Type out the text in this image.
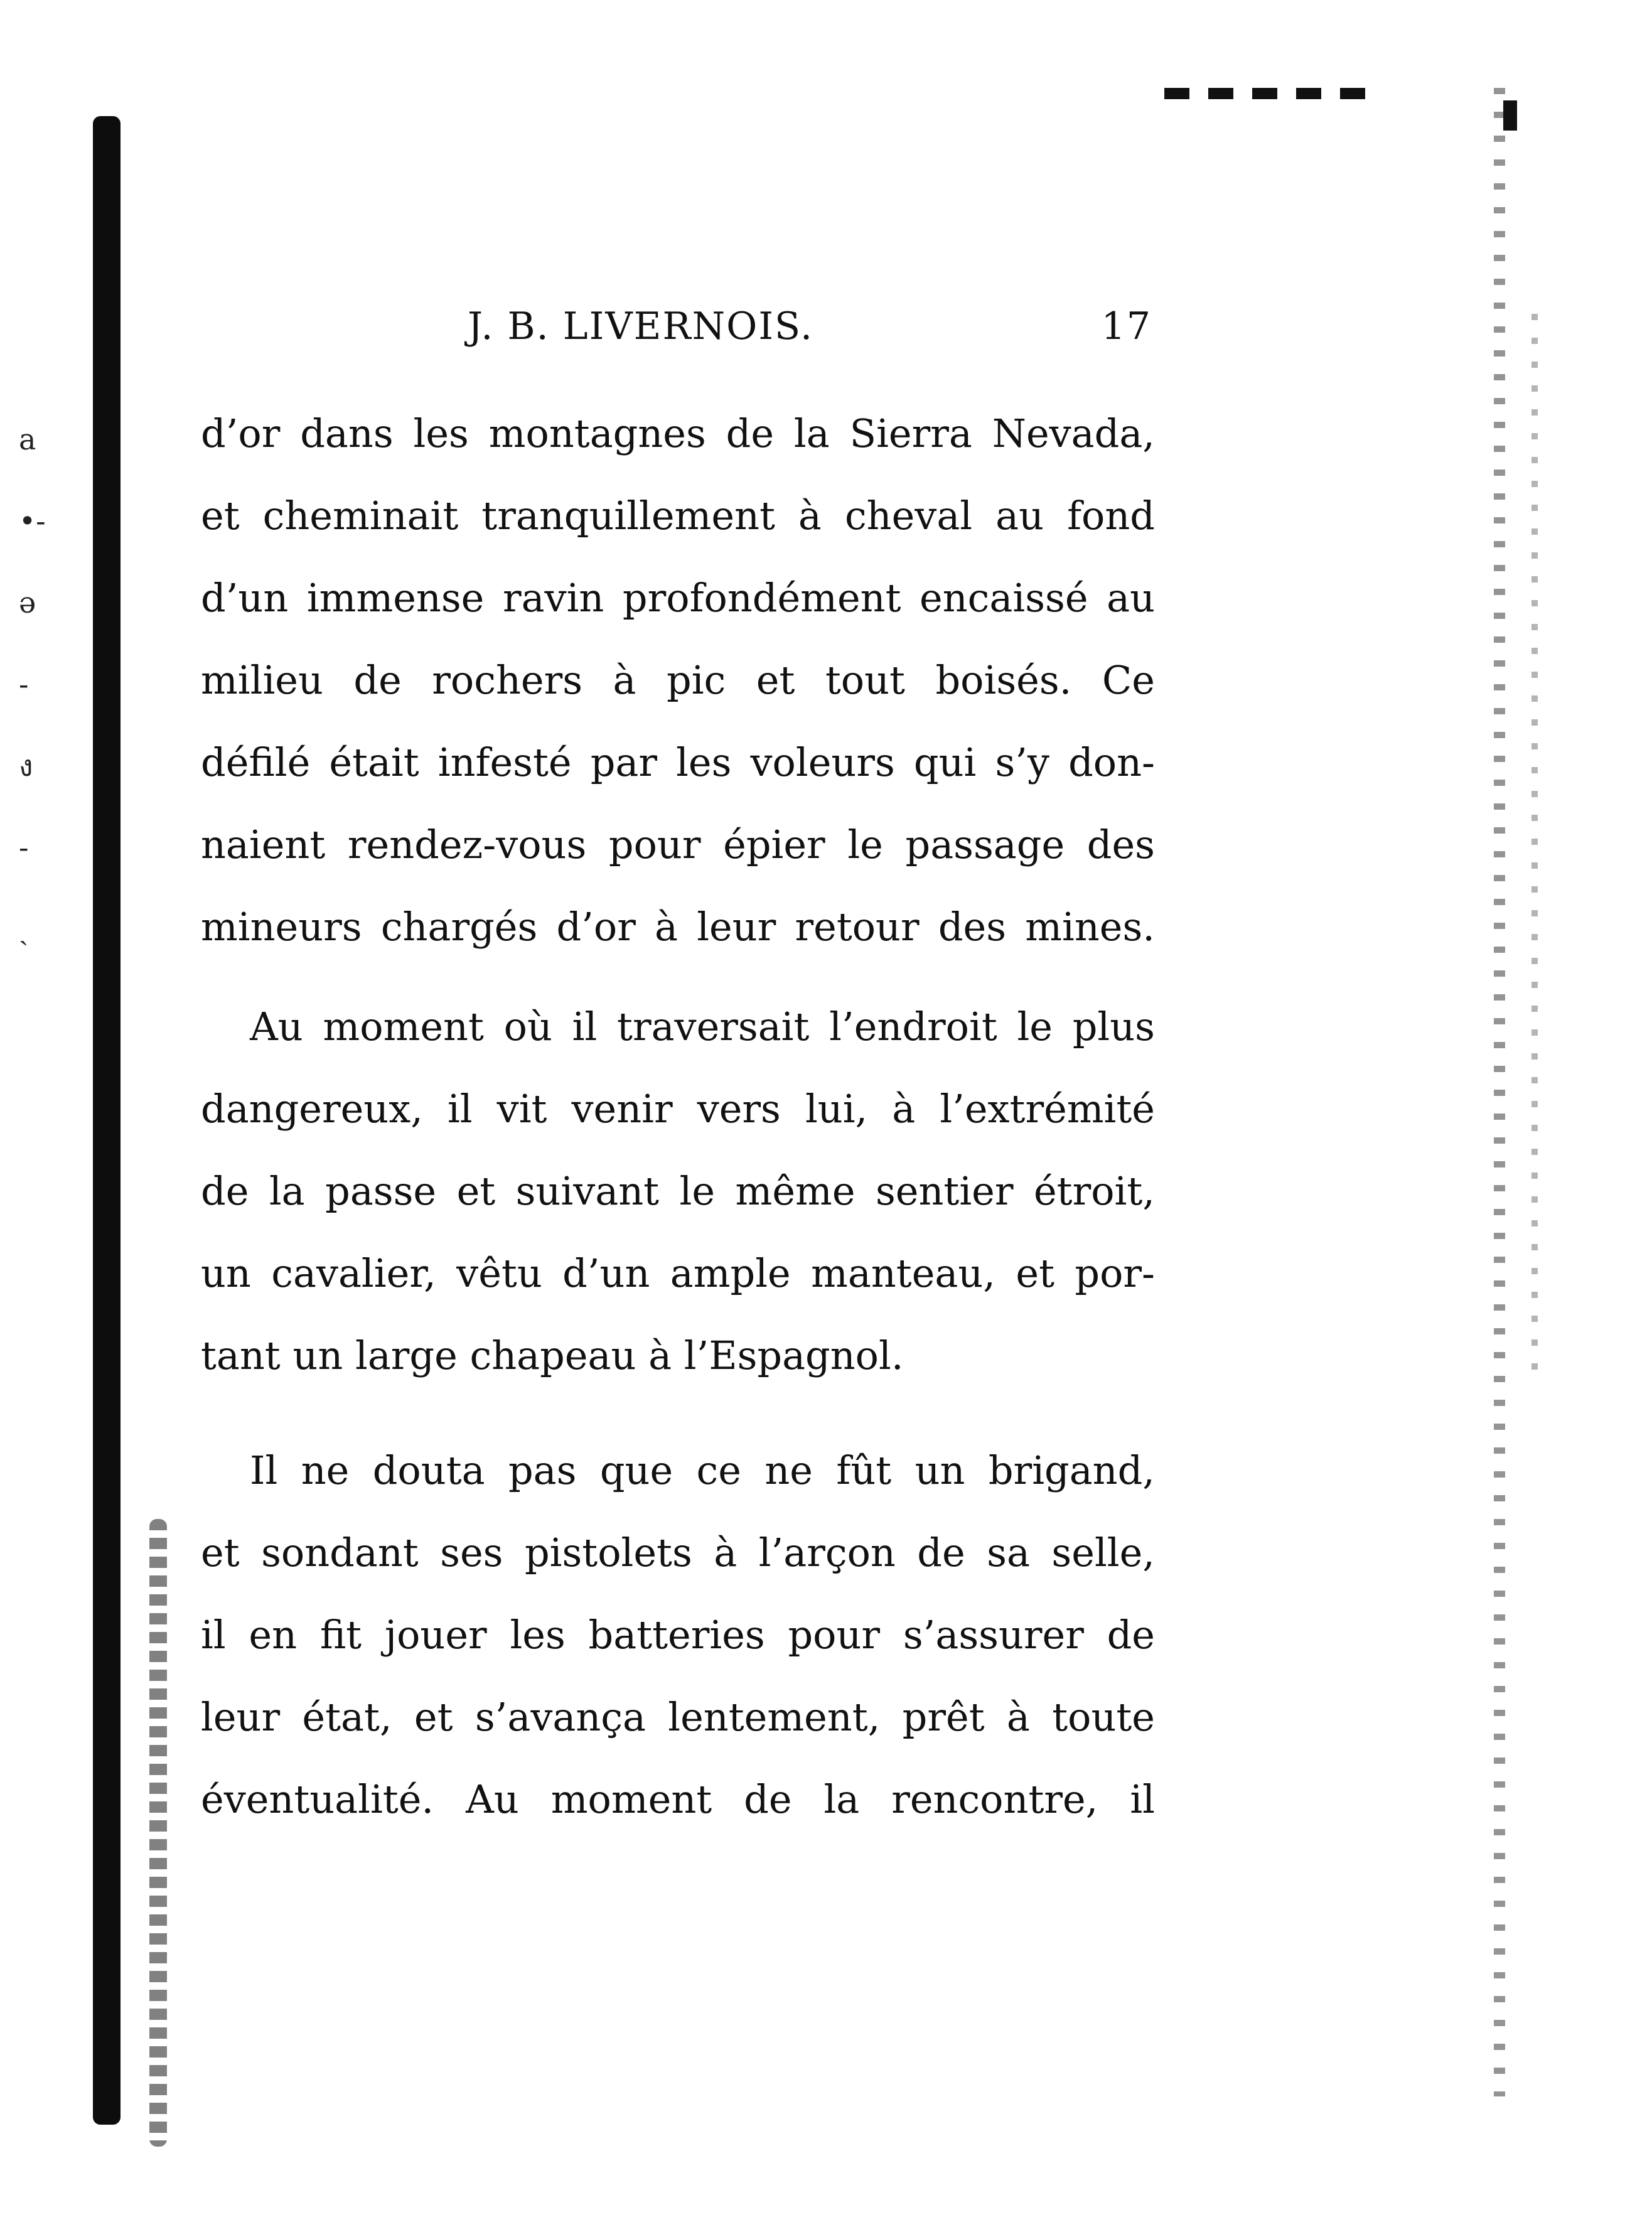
a
•-
ə
-
ง
-
ˏ
J. B. LIVERNOIS.	17

d’or dans les montagnes de la Sierra Nevada,
et cheminait tranquillement à cheval au fond
d’un immense ravin profondément encaissé au
milieu de rochers à pic et tout boisés. Ce
défilé était infesté par les voleurs qui s’y don-
naient rendez-vous pour épier le passage des
mineurs chargés d’or à leur retour des mines.

Au moment où il traversait l’endroit le plus
dangereux, il vit venir vers lui, à l’extrémité
de la passe et suivant le même sentier étroit,
un cavalier, vêtu d’un ample manteau, et por-
tant un large chapeau à l’Espagnol.

Il ne douta pas que ce ne fût un brigand,
et sondant ses pistolets à l’arçon de sa selle,
il en fit jouer les batteries pour s’assurer de
leur état, et s’avança lentement, prêt à toute
éventualité. Au moment de la rencontre, il
